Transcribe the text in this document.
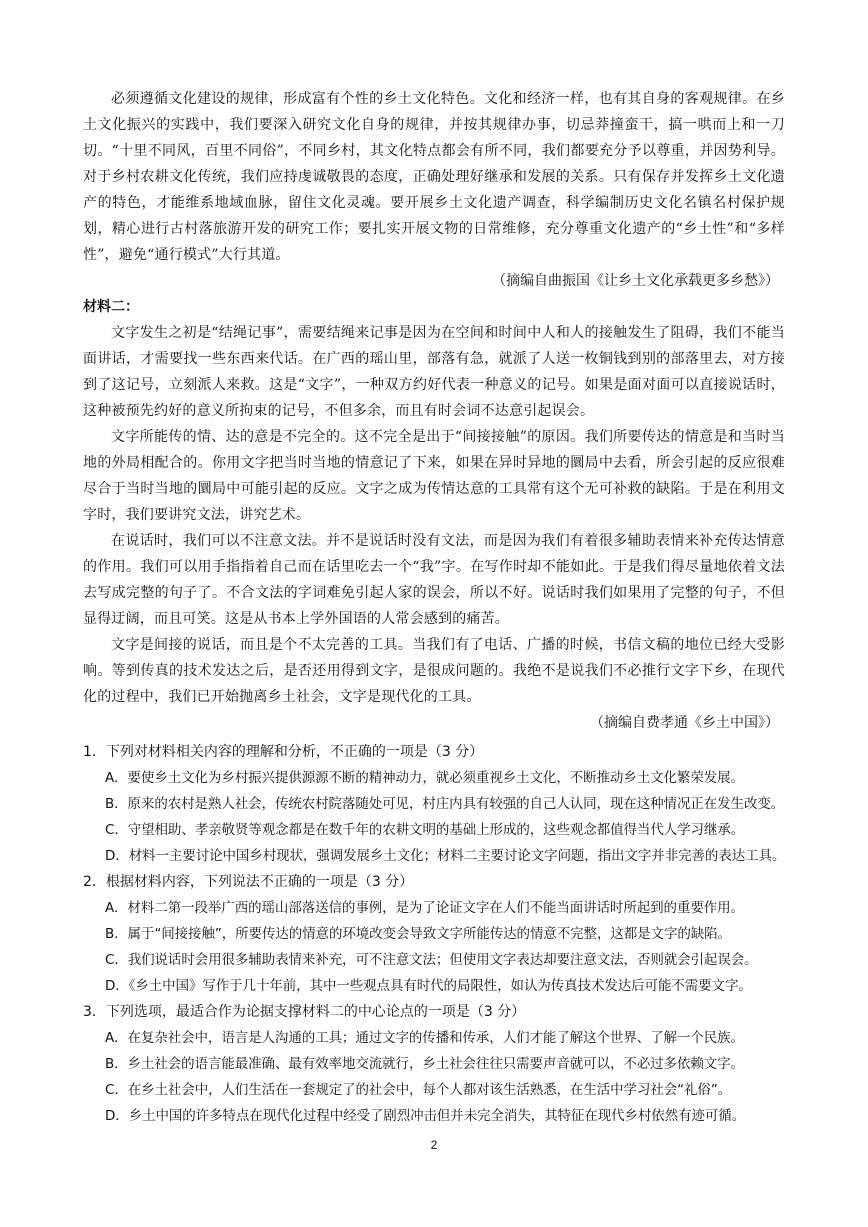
必须遵循文化建设的规律，形成富有个性的乡土文化特色。文化和经济一样，也有其自身的客观规律。在乡土文化振兴的实践中，我们要深入研究文化自身的规律，并按其规律办事，切忌莽撞蛮干，搞一哄而上和一刀切。“十里不同风，百里不同俗”，不同乡村，其文化特点都会有所不同，我们都要充分予以尊重，并因势利导。对于乡村农耕文化传统，我们应持虔诚敬畏的态度，正确处理好继承和发展的关系。只有保存并发挥乡土文化遗产的特色，才能维系地域血脉，留住文化灵魂。要开展乡土文化遗产调查，科学编制历史文化名镇名村保护规划，精心进行古村落旅游开发的研究工作；要扎实开展文物的日常维修，充分尊重文化遗产的“乡土性”和“多样性”，避免“通行模式”大行其道。

（摘编自曲振国《让乡土文化承载更多乡愁》）

材料二：

文字发生之初是“结绳记事”，需要结绳来记事是因为在空间和时间中人和人的接触发生了阻碍，我们不能当面讲话，才需要找一些东西来代话。在广西的瑶山里，部落有急，就派了人送一枚铜钱到别的部落里去，对方接到了这记号，立刻派人来救。这是“文字”，一种双方约好代表一种意义的记号。如果是面对面可以直接说话时，这种被预先约好的意义所拘束的记号，不但多余，而且有时会词不达意引起误会。

文字所能传的情、达的意是不完全的。这不完全是出于“间接接触”的原因。我们所要传达的情意是和当时当地的外局相配合的。你用文字把当时当地的情意记了下来，如果在异时异地的圜局中去看，所会引起的反应很难尽合于当时当地的圜局中可能引起的反应。文字之成为传情达意的工具常有这个无可补救的缺陷。于是在利用文字时，我们要讲究文法，讲究艺术。

在说话时，我们可以不注意文法。并不是说话时没有文法，而是因为我们有着很多辅助表情来补充传达情意的作用。我们可以用手指指着自己而在话里吃去一个“我”字。在写作时却不能如此。于是我们得尽量地依着文法去写成完整的句子了。不合文法的字词难免引起人家的误会，所以不好。说话时我们如果用了完整的句子，不但显得迂阔，而且可笑。这是从书本上学外国语的人常会感到的痛苦。

文字是间接的说话，而且是个不太完善的工具。当我们有了电话、广播的时候，书信文稿的地位已经大受影响。等到传真的技术发达之后，是否还用得到文字，是很成问题的。我绝不是说我们不必推行文字下乡，在现代化的过程中，我们已开始抛离乡土社会，文字是现代化的工具。

（摘编自费孝通《乡土中国》）

1．下列对材料相关内容的理解和分析，不正确的一项是（3 分）

A．要使乡土文化为乡村振兴提供源源不断的精神动力，就必须重视乡土文化，不断推动乡土文化繁荣发展。

B．原来的农村是熟人社会，传统农村院落随处可见，村庄内具有较强的自己人认同，现在这种情况正在发生改变。

C．守望相助、孝亲敬贤等观念都是在数千年的农耕文明的基础上形成的，这些观念都值得当代人学习继承。

D．材料一主要讨论中国乡村现状，强调发展乡土文化；材料二主要讨论文字问题，指出文字并非完善的表达工具。

2．根据材料内容，下列说法不正确的一项是（3 分）

A．材料二第一段举广西的瑶山部落送信的事例，是为了论证文字在人们不能当面讲话时所起到的重要作用。

B．属于“间接接触”，所要传达的情意的环境改变会导致文字所能传达的情意不完整，这都是文字的缺陷。

C．我们说话时会用很多辅助表情来补充，可不注意文法；但使用文字表达却要注意文法，否则就会引起误会。

D．《乡土中国》写作于几十年前，其中一些观点具有时代的局限性，如认为传真技术发达后可能不需要文字。

3．下列选项，最适合作为论据支撑材料二的中心论点的一项是（3 分）

A．在复杂社会中，语言是人沟通的工具；通过文字的传播和传承，人们才能了解这个世界、了解一个民族。

B．乡土社会的语言能最准确、最有效率地交流就行，乡土社会往往只需要声音就可以，不必过多依赖文字。

C．在乡土社会中，人们生活在一套规定了的社会中，每个人都对该生活熟悉，在生活中学习社会“礼俗”。

D．乡土中国的许多特点在现代化过程中经受了剧烈冲击但并未完全消失，其特征在现代乡村依然有迹可循。

2
